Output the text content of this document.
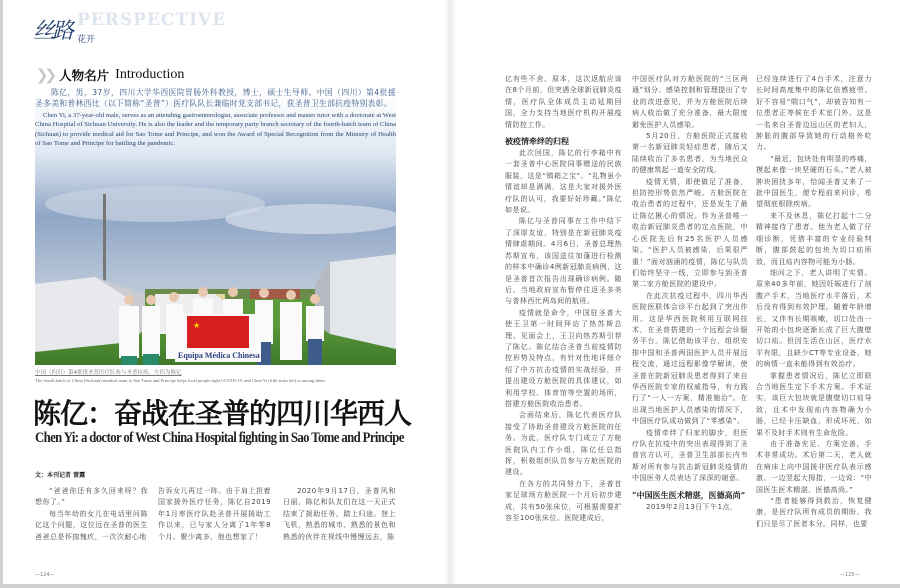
PERSPECTIVE
丝路 花开
❯❯ 人物名片 Introduction
★
Equipa Médica Chinesa

陈亿，男，37岁，四川大学华西医院胃肠外科教授，博士，硕士生导师。中国（四川）第4批援圣多美和普林西比（以下简称“圣普”）医疗队队长兼临时党支部书记，获圣普卫生部抗疫特别表彰。

Chen Yi, a 37-year-old male, serves as an attending gastroenterologist, associate professor and master tutor with a doctorate at West China Hospital of Sichuan University. He is also the leader and the temporary party branch secretary of the fourth-batch team of China (Sichuan) to provide medical aid for Sao Tome and Principe, and won the Award of Special Recognition from the Ministry of Health of Sao Tome and Principe for battling the pandemic.

中国（四川）第4批援圣普医疗队参与圣普抗疫，左四为陈亿
The fourth batch of China (Sichuan) medical team to Sao Tome and Principe helps local people fight COVID-19, and Chen Yi (fifth from left) is among them
陈亿：奋战在圣普的四川华西人
Chen Yi: a doctor of West China Hospital fighting in Sao Tome and Principe
文：本刊记者 雷露

“爸爸你还有多久回来呀？我想你了。”

每当年幼的女儿在电话里问陈亿这个问题，这位远在圣普的医生爸爸总是怀揣愧疚，一次次耐心地

告诉女儿再过一阵。由于肩上担着国家援外医疗任务，陈亿自2019年1月率医疗队赴圣普开展援助工作以来，已与家人分离了1年零8个月。聚少离多，他也想家了！

2020年9月17日，圣普风和日丽，陈亿和队友们在这一天正式结束了援助任务，踏上归途。登上飞机，熟悉的城市、熟悉的景色和熟悉的伙伴在视线中慢慢远去，陈

—124—

亿有些不舍。原本，这次返航应该在8个月前，但突遇全球新冠肺炎疫情，医疗队全体成员主动延期回国，全力支持当地医疗机构开展疫情防控工作。

被疫情牵绊的归程

此次回国，陈亿的行李箱中有一套圣普中心医院同事赠送的民族服装，这是“镇箱之宝”。“礼物虽小情谊却是满满，这是大家对援外医疗队的认可，我要好好珍藏。”陈亿如是说。

陈亿与圣普同事在工作中结下了深厚友谊，特别是在新冠肺炎疫情肆虐期间。4月6日，圣普总理热苏斯宣布，该国送往加蓬进行检测的样本中确诊4例新冠肺炎病例，这是圣普首次报告出现确诊病例。随后，当地政府宣布暂停往返圣多美与普林西比两岛间的航班。

疫情就是命令，中国驻圣普大使王卫第一时间拜访了热苏斯总理。见面会上，王卫向热苏斯引荐了陈亿。陈亿结合圣普当前疫情防控形势及特点，有针对性地详细介绍了中方抗击疫情的实战经验，并提出建设方舱医院的具体建议，如利用学校、体育馆等空置的场所，搭建方舱医院收治患者。

会面结束后，陈亿代表医疗队接受了协助圣普建设方舱医院的任务。为此，医疗队专门成立了方舱医院队内工作小组，陈亿任总指挥，积极组织队员参与方舱医院的建设。

在各方的共同努力下，圣普首家足球场方舱医院一个月后初步建成，共有50张床位，可根据需要扩容至100张床位。医院建成后，

中国医疗队对方舱医院的“三区两通”划分、感染控制和管理提出了专业的改进意见，并为方舱医院后续病人收治做了充分准备，最大限度避免医护人员感染。

5月20日，方舱医院正式接收第一名新冠肺炎轻症患者，随后又陆续收治了多名患者，为当地民众的健康筑起一道安全防线。

疫情无情，即使做足了准备，但防控形势依然严峻。方舱医院在收治患者的过程中，还是发生了最让陈亿揪心的情况。作为圣普唯一收治新冠肺炎患者的定点医院，中心医院先后有25名医护人员感染。“医护人员被感染，后果很严重！”面对汹涌的疫情，陈亿与队员们始终坚守一线，立即参与到圣普第二家方舱医院的建设中。

在此次抗疫过程中，四川华西医院医联体会诊平台起到了突出作用。这是华西医院利用互联网技术，在圣普搭建的一个远程会诊服务平台。陈亿借助该平台，组织安排中国和圣普两国医护人员开展远程交流，通过远程影像学解读，使圣普在院新冠肺炎患者得到了来自华西医院专家的权威指导，有力践行了“一人一方案，精准施治”。在出现当地医护人员感染的情况下，中国医疗队成功做到了“零感染”。

疫情牵绊了归家的脚步，但医疗队在抗疫中的突出表现得到了圣普官方认可，圣普卫生部部长内韦斯对所有参与抗击新冠肺炎疫情的中国医务人员表达了深深的谢意。

“中国医生医术精湛，医德高尚”

2019年2月13日下午1点，

已经连续进行了4台手术，注意力长时间高度集中的陈亿倍感疲劳。好不容易“喘口气”，却被告知有一位患者正等候在手术室门外。这是一名来自圣普边远山区的老妇人，肿胀的腹部导致她的行动格外吃力。

“最近，包块处有明显的疼痛，摸起来像一块坚硬的石头。”老人被肿块困扰多年，恰闻圣普又来了一批中国医生，便专程前来问诊，希望彻底根除疾病。

来不及休息，陈亿打起十二分精神接待了患者。他为老人做了仔细诊断，凭借丰富的专业经验判断，腹部鼓起的包块为切口疝所致，而且疝内容物可能为小肠。

细问之下，老人讲明了实情。原来40多年前，她因妊娠进行了剖腹产手术，当地医疗水平落后，术后没有得到有效护理。随着年龄增长，又伴有长期咳嗽，切口处由一开始的小包块逐渐长成了巨大腹壁切口疝。但因生活在山区，医疗水平有限，且缺少CT等专业设备，她的病情一直未能得到有效治疗。

掌握患者情况后，陈亿立即联合当地医生定下手术方案。手术证实，该巨大包块就是腹壁切口疝导致，且术中发现疝内容物确为小肠，已经卡压缺血，形成坏死，如果不及时手术则有生命危险。

由于准备充足、方案完善，手术非常成功。术后第二天，老人就在病床上向中国援非医疗队表示感激。一边竖起大拇指，一边说：“中国医生医术精湛，医德高尚。”

“患者能够得到救治，恢复健康，是医疗队所有成员的期盼，我们只是尽了医者本分。同样，也要

—125—
